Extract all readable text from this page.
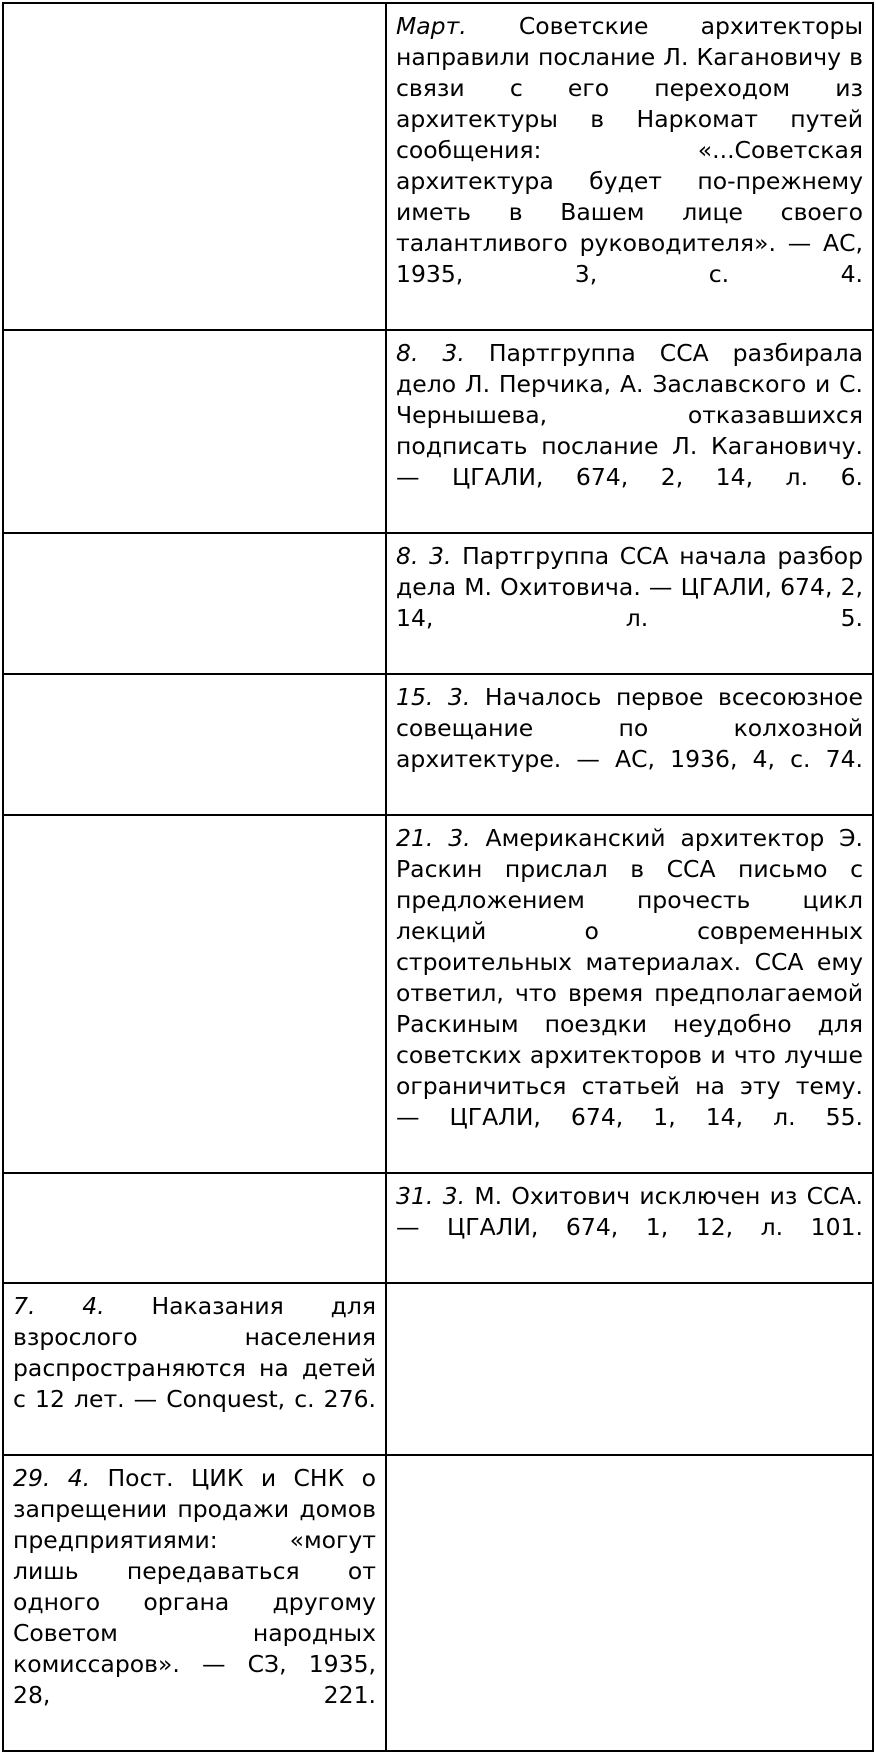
	Март. Советские архитекторы направили послание Л. Кагановичу в связи с его переходом из архитектуры в Наркомат путей сообщения: «...Советская архитектура будет по-прежнему иметь в Вашем лице своего талантливого руководителя». — АС, 1935, 3, с. 4.

	8. 3. Партгруппа ССА разбирала дело Л. Перчика, А. Заславского и С. Чернышева, отказавшихся подписать послание Л. Кагановичу. — ЦГАЛИ, 674, 2, 14, л. 6.

	8. 3. Партгруппа ССА начала разбор дела М. Охитовича. — ЦГАЛИ, 674, 2, 14, л. 5.

	15. 3. Началось первое всесоюзное совещание по колхозной архитектуре. — АС, 1936, 4, с. 74.

	21. 3. Американский архитектор Э. Раскин прислал в ССА письмо с предложением прочесть цикл лекций о современных строительных материалах. ССА ему ответил, что время предполагаемой Раскиным поездки неудобно для советских архитекторов и что лучше ограничиться статьей на эту тему. — ЦГАЛИ, 674, 1, 14, л. 55.

	31. 3. М. Охитович исключен из ССА. — ЦГАЛИ, 674, 1, 12, л. 101.

7. 4. Наказания для взрослого населения распространяются на детей с 12 лет. — Conquest, с. 276.	

29. 4. Пост. ЦИК и СНК о запрещении продажи домов предприятиями: «могут лишь передаваться от одного органа другому Советом народных комиссаров». — СЗ, 1935, 28, 221.	
